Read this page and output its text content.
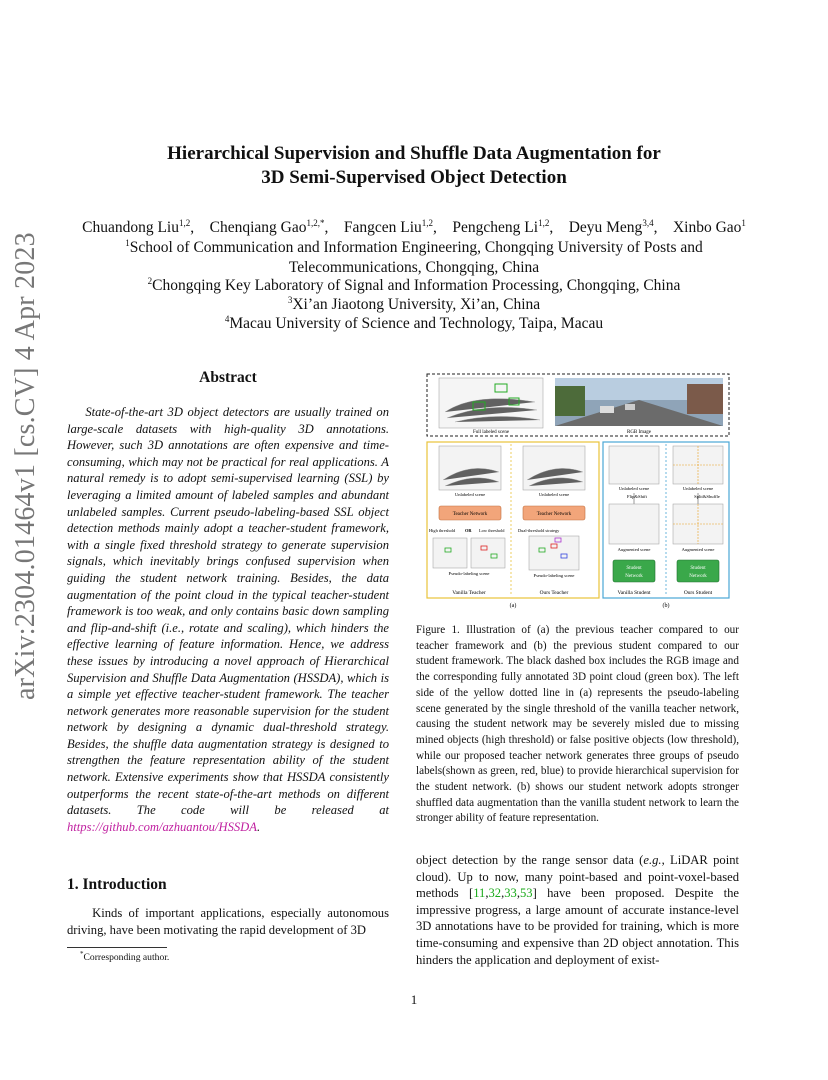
arXiv:2304.01464v1 [cs.CV] 4 Apr 2023
Hierarchical Supervision and Shuffle Data Augmentation for
3D Semi-Supervised Object Detection
Chuandong Liu$^{1,2}$,  Chenqiang Gao$^{1,2,*}$,  Fangcen Liu$^{1,2}$,  Pengcheng Li$^{1,2}$,  Deyu Meng$^{3,4}$,  Xinbo Gao$^1$
$^1$School of Communication and Information Engineering, Chongqing University of Posts and
Telecommunications, Chongqing, China
$^2$Chongqing Key Laboratory of Signal and Information Processing, Chongqing, China
$^3$Xi’an Jiaotong University, Xi’an, China
$^4$Macau University of Science and Technology, Taipa, Macau
Abstract
State-of-the-art 3D object detectors are usually trained on large-scale datasets with high-quality 3D annotations. However, such 3D annotations are often expensive and time-consuming, which may not be practical for real applications. A natural remedy is to adopt semi-supervised learning (SSL) by leveraging a limited amount of labeled samples and abundant unlabeled samples. Current pseudo-labeling-based SSL object detection methods mainly adopt a teacher-student framework, with a single fixed threshold strategy to generate supervision signals, which inevitably brings confused supervision when guiding the student network training. Besides, the data augmentation of the point cloud in the typical teacher-student framework is too weak, and only contains basic down sampling and flip-and-shift (i.e., rotate and scaling), which hinders the effective learning of feature information. Hence, we address these issues by introducing a novel approach of Hierarchical Supervision and Shuffle Data Augmentation (HSSDA), which is a simple yet effective teacher-student framework. The teacher network generates more reasonable supervision for the student network by designing a dynamic dual-threshold strategy. Besides, the shuffle data augmentation strategy is designed to strengthen the feature representation ability of the student network. Extensive experiments show that HSSDA consistently outperforms the recent state-of-the-art methods on different datasets. The code will be released at https://github.com/azhuantou/HSSDA.
1. Introduction
Kinds of important applications, especially autonomous driving, have been motivating the rapid development of 3D
*Corresponding author.
object detection by the range sensor data (e.g., LiDAR point cloud). Up to now, many point-based and point-voxel-based methods [11,32,33,53] have been proposed. Despite the impressive progress, a large amount of accurate instance-level 3D annotations have to be provided for training, which is more time-consuming and expensive than 2D object annotation. This hinders the application and deployment of exist-
Full labeled scene	RGB Image
Unlabeled scene	Unlabeled scene
Teacher Network	Teacher Network
High threshold OR Low threshold	Dual-threshold strategy
Pseudo-labeling scene	Pseudo-labeling scene
Vanilla Teacher	Ours Teacher
Unlabeled scene	Unlabeled scene
Flip&Shift	Split&Shuffle
Augmented scene	Augmented scene
Student
Network
Student
Network
Vanilla Student	Ours Student
(a)	(b)
Figure 1. Illustration of (a) the previous teacher compared to our teacher framework and (b) the previous student compared to our student framework. The black dashed box includes the RGB image and the corresponding fully annotated 3D point cloud (green box). The left side of the yellow dotted line in (a) represents the pseudo-labeling scene generated by the single threshold of the vanilla teacher network, causing the student network may be severely misled due to missing mined objects (high threshold) or false positive objects (low threshold), while our proposed teacher network generates three groups of pseudo labels(shown as green, red, blue) to provide hierarchical supervision for the student network. (b) shows our student network adopts stronger shuffled data augmentation than the vanilla student network to learn the stronger ability of feature representation.
1
